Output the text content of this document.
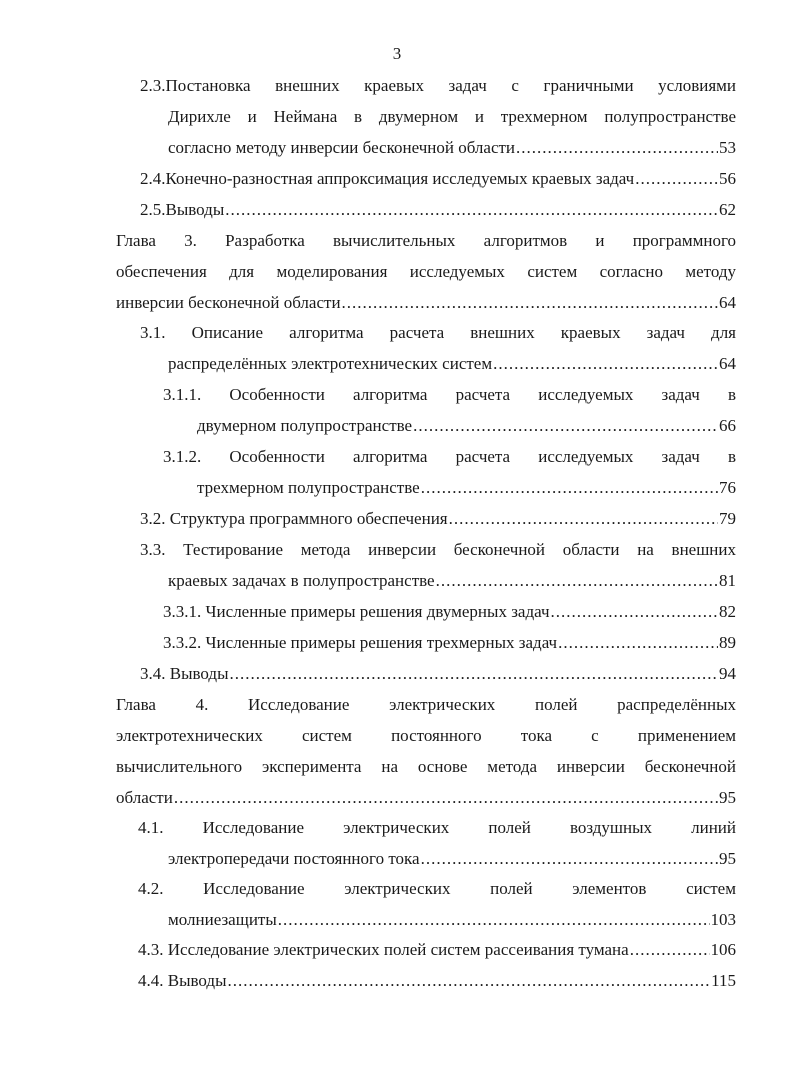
3
2.3.Постановка внешних краевых задач с граничными условиями
Дирихле и Неймана в двумерном и трехмерном полупространстве
согласно методу инверсии бесконечной области .....	53
2.4.Конечно-разностная аппроксимация исследуемых краевых задач .....	56
2.5.Выводы .....	62
Глава 3. Разработка вычислительных алгоритмов и программного
обеспечения для моделирования исследуемых систем согласно методу
инверсии бесконечной области .....	64
3.1. Описание алгоритма расчета внешних краевых задач для
распределённых электротехнических систем .....	64
3.1.1. Особенности алгоритма расчета исследуемых задач в
двумерном полупространстве .....	66
3.1.2. Особенности алгоритма расчета исследуемых задач в
трехмерном полупространстве .....	76
3.2. Структура программного обеспечения .....	79
3.3. Тестирование метода инверсии бесконечной области на внешних
краевых задачах в полупространстве .....	81
3.3.1. Численные примеры решения двумерных задач .....	82
3.3.2. Численные примеры решения трехмерных задач .....	89
3.4. Выводы .....	94
Глава 4. Исследование электрических полей распределённых
электротехнических систем постоянного тока с применением
вычислительного эксперимента на основе метода инверсии бесконечной
области .....	95
4.1. Исследование электрических полей воздушных линий
электропередачи постоянного тока .....	95
4.2. Исследование электрических полей элементов систем
молниезащиты .....	103
4.3. Исследование электрических полей систем рассеивания тумана .....	106
4.4. Выводы .....	115
